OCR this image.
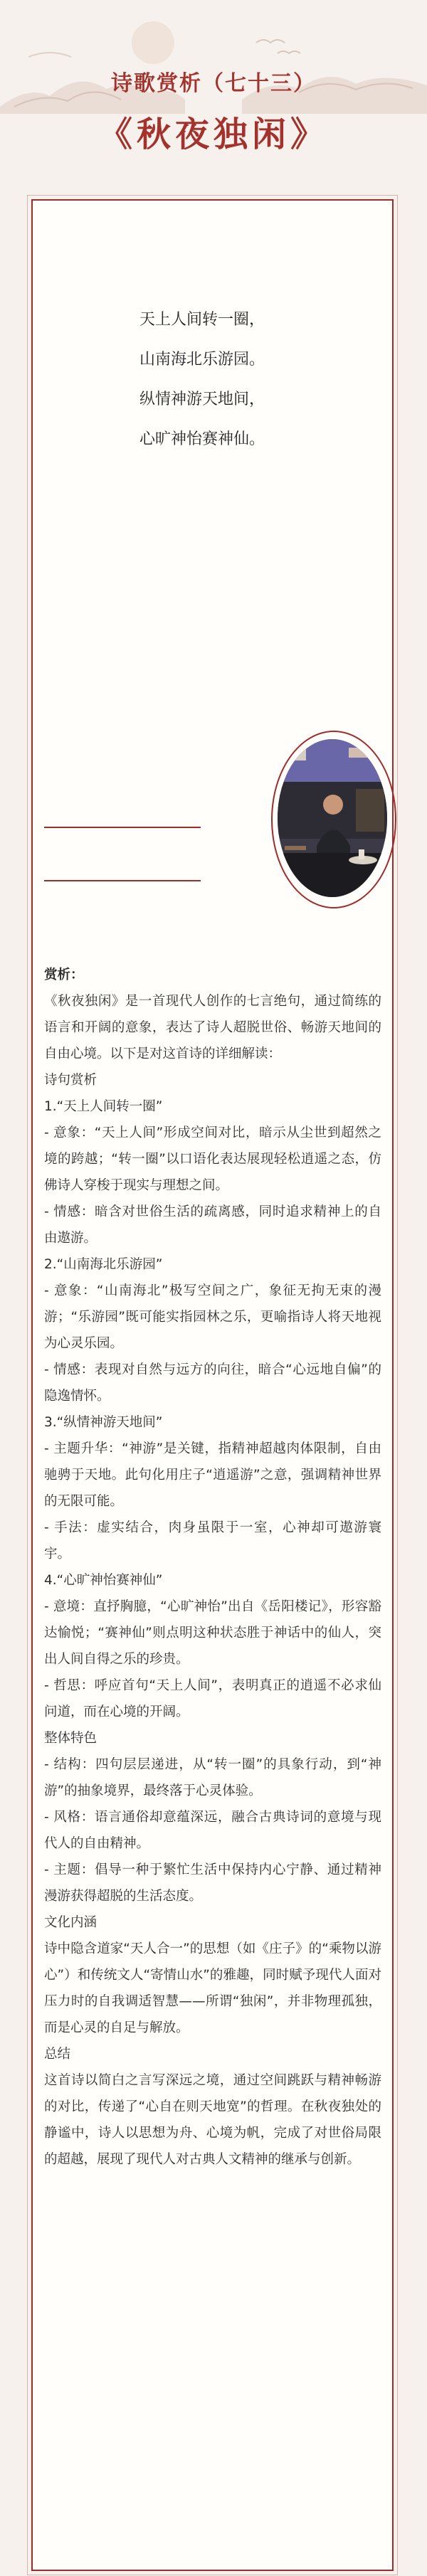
诗歌赏析（七十三）
《秋夜独闲》
天上人间转一圈，
山南海北乐游园。
纵情神游天地间，
心旷神怡赛神仙。

赏析：

《秋夜独闲》是一首现代人创作的七言绝句，通过简练的语言和开阔的意象，表达了诗人超脱世俗、畅游天地间的自由心境。以下是对这首诗的详细解读：

诗句赏析

1.“天上人间转一圈”

- 意象：“天上人间”形成空间对比，暗示从尘世到超然之境的跨越；“转一圈”以口语化表达展现轻松逍遥之态，仿佛诗人穿梭于现实与理想之间。

- 情感：暗含对世俗生活的疏离感，同时追求精神上的自由遨游。

2.“山南海北乐游园”

- 意象：“山南海北”极写空间之广，象征无拘无束的漫游；“乐游园”既可能实指园林之乐，更喻指诗人将天地视为心灵乐园。

- 情感：表现对自然与远方的向往，暗合“心远地自偏”的隐逸情怀。

3.“纵情神游天地间”

- 主题升华：“神游”是关键，指精神超越肉体限制，自由驰骋于天地。此句化用庄子“逍遥游”之意，强调精神世界的无限可能。

- 手法：虚实结合，肉身虽限于一室，心神却可遨游寰宇。

4.“心旷神怡赛神仙”

- 意境：直抒胸臆，“心旷神怡”出自《岳阳楼记》，形容豁达愉悦；“赛神仙”则点明这种状态胜于神话中的仙人，突出人间自得之乐的珍贵。

- 哲思：呼应首句“天上人间”，表明真正的逍遥不必求仙问道，而在心境的开阔。

整体特色

- 结构：四句层层递进，从“转一圈”的具象行动，到“神游”的抽象境界，最终落于心灵体验。

- 风格：语言通俗却意蕴深远，融合古典诗词的意境与现代人的自由精神。

- 主题：倡导一种于繁忙生活中保持内心宁静、通过精神漫游获得超脱的生活态度。

文化内涵

诗中隐含道家“天人合一”的思想（如《庄子》的“乘物以游心”）和传统文人“寄情山水”的雅趣，同时赋予现代人面对压力时的自我调适智慧——所谓“独闲”，并非物理孤独，而是心灵的自足与解放。

总结

这首诗以简白之言写深远之境，通过空间跳跃与精神畅游的对比，传递了“心自在则天地宽”的哲理。在秋夜独处的静谧中，诗人以思想为舟、心境为帆，完成了对世俗局限的超越，展现了现代人对古典人文精神的继承与创新。
